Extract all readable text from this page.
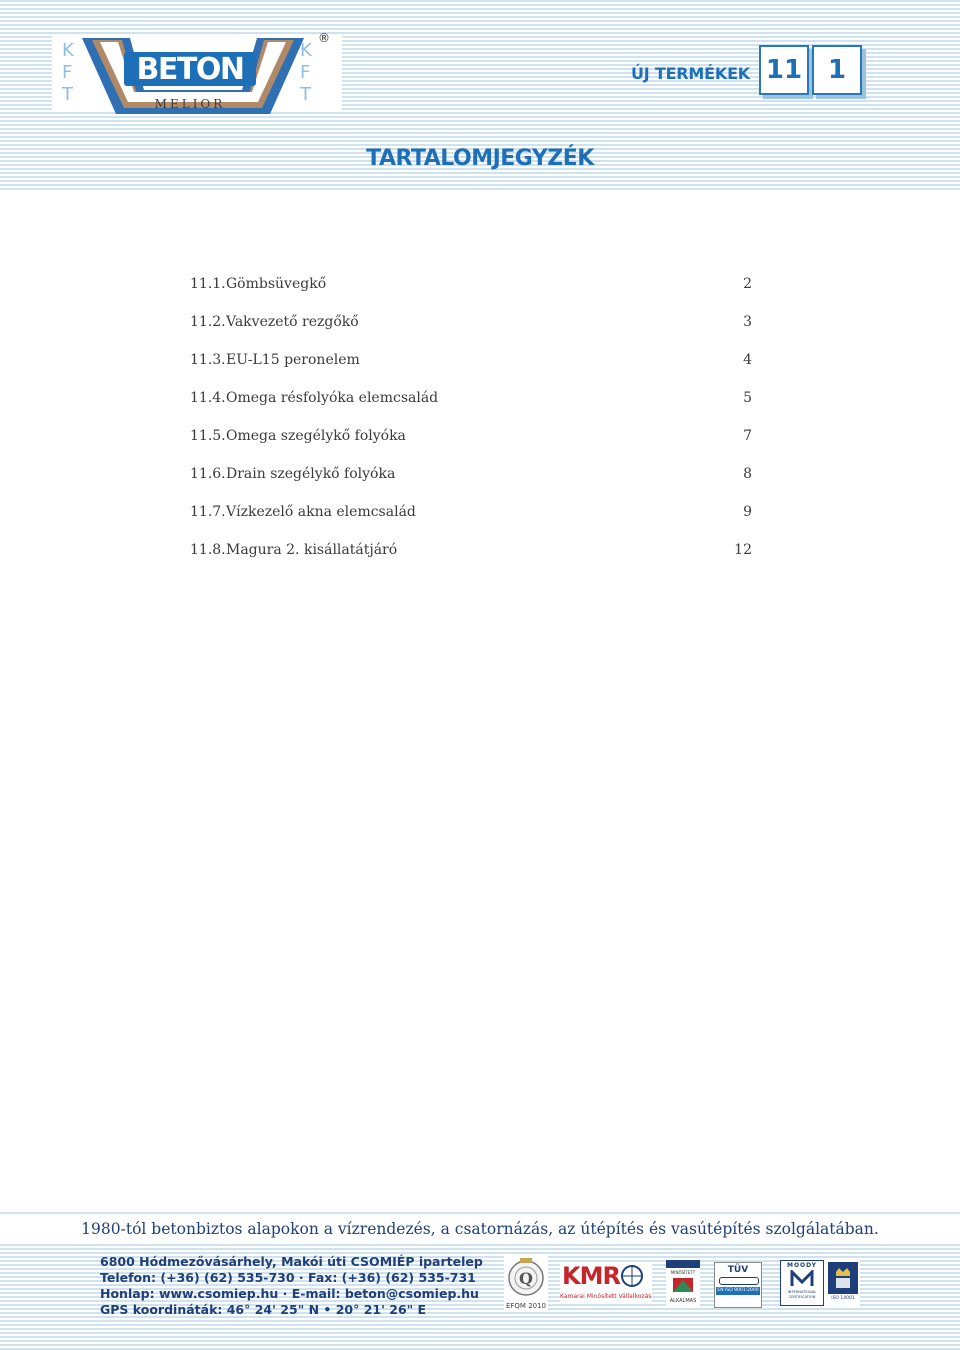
BETON
MELIOR
K
F
T
K
F
T
®
ÚJ TERMÉKEK 11 1
TARTALOMJEGYZÉK
11.1. Gömbsüvegkő	2
11.2. Vakvezető rezgőkő	3
11.3. EU-L15 peronelem	4
11.4. Omega résfolyóka elemcsalád	5
11.5. Omega szegélykő folyóka	7
11.6. Drain szegélykő folyóka	8
11.7. Vízkezelő akna elemcsalád	9
11.8. Magura 2. kisállatátjáró	12
1980-tól betonbiztos alapokon a vízrendezés, a csatornázás, az útépítés és vasútépítés szolgálatában.
6800 Hódmezővásárhely, Makói úti CSOMIÉP ipartelep
Telefon: (+36) (62) 535-730 · Fax: (+36) (62) 535-731
Honlap: www.csomiep.hu · E-mail: beton@csomiep.hu
GPS koordináták: 46° 24' 25" N • 20° 21' 26" E
Q
EFQM 2010
KMR
Kamarai Minősített Vállalkozás
MINŐSÍTETT
ALKALMAS
TÜV
EN ISO 9001:2000
MOODY
INTERNATIONAL CERTIFICATION	ISO 14001
